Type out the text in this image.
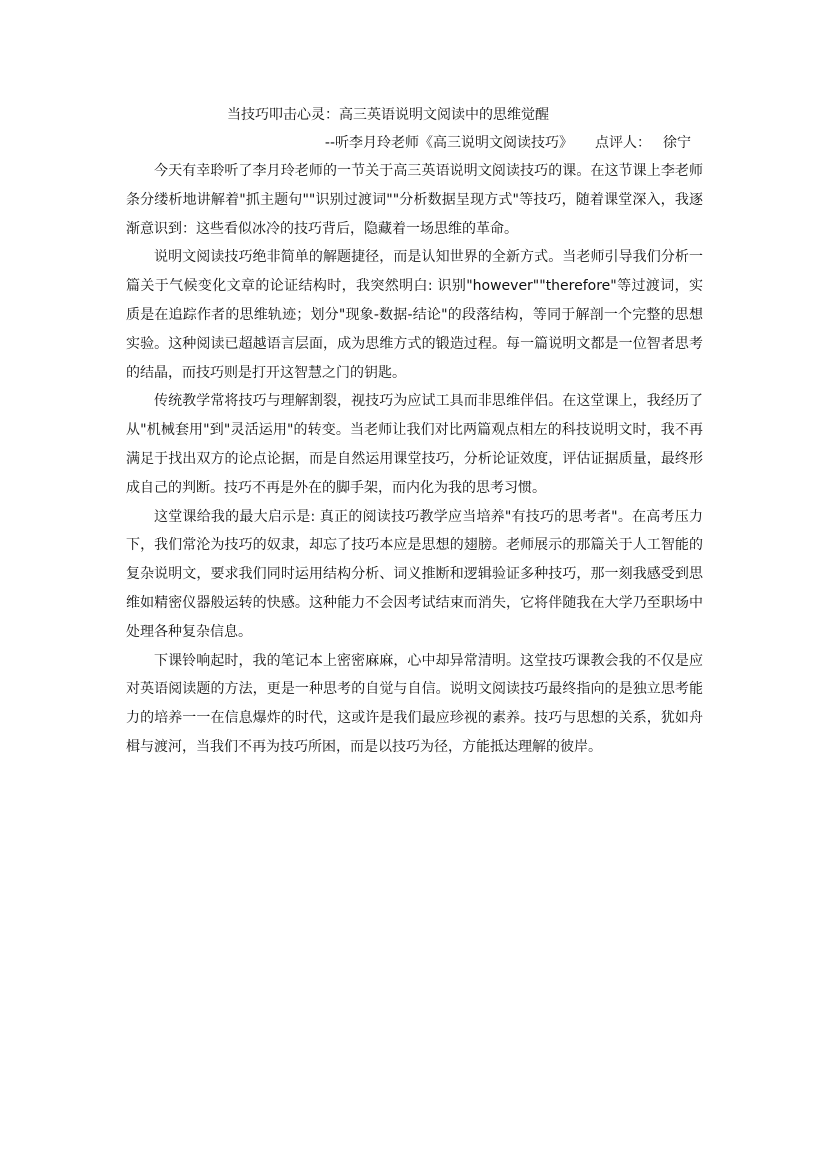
当技巧叩击心灵：高三英语说明文阅读中的思维觉醒
--听李月玲老师《高三说明文阅读技巧》 点评人： 徐宁

今天有幸聆听了李月玲老师的一节关于高三英语说明文阅读技巧的课。在这节课上李老师条分缕析地讲解着"抓主题句""识别过渡词""分析数据呈现方式"等技巧，随着课堂深入，我逐渐意识到：这些看似冰冷的技巧背后，隐藏着一场思维的革命。

说明文阅读技巧绝非简单的解题捷径，而是认知世界的全新方式。当老师引导我们分析一篇关于气候变化文章的论证结构时，我突然明白: 识别"however""therefore"等过渡词，实质是在追踪作者的思维轨迹；划分"现象-数据-结论"的段落结构，等同于解剖一个完整的思想实验。这种阅读已超越语言层面，成为思维方式的锻造过程。每一篇说明文都是一位智者思考的结晶，而技巧则是打开这智慧之门的钥匙。

传统教学常将技巧与理解割裂，视技巧为应试工具而非思维伴侣。在这堂课上，我经历了从"机械套用"到"灵活运用"的转变。当老师让我们对比两篇观点相左的科技说明文时，我不再满足于找出双方的论点论据，而是自然运用课堂技巧，分析论证效度，评估证据质量，最终形成自己的判断。技巧不再是外在的脚手架，而内化为我的思考习惯。

这堂课给我的最大启示是: 真正的阅读技巧教学应当培养"有技巧的思考者"。在高考压力下，我们常沦为技巧的奴隶，却忘了技巧本应是思想的翅膀。老师展示的那篇关于人工智能的复杂说明文，要求我们同时运用结构分析、词义推断和逻辑验证多种技巧，那一刻我感受到思维如精密仪器般运转的快感。这种能力不会因考试结束而消失，它将伴随我在大学乃至职场中处理各种复杂信息。

下课铃响起时，我的笔记本上密密麻麻，心中却异常清明。这堂技巧课教会我的不仅是应对英语阅读题的方法，更是一种思考的自觉与自信。说明文阅读技巧最终指向的是独立思考能力的培养一一在信息爆炸的时代，这或许是我们最应珍视的素养。技巧与思想的关系，犹如舟楫与渡河，当我们不再为技巧所困，而是以技巧为径，方能抵达理解的彼岸。
